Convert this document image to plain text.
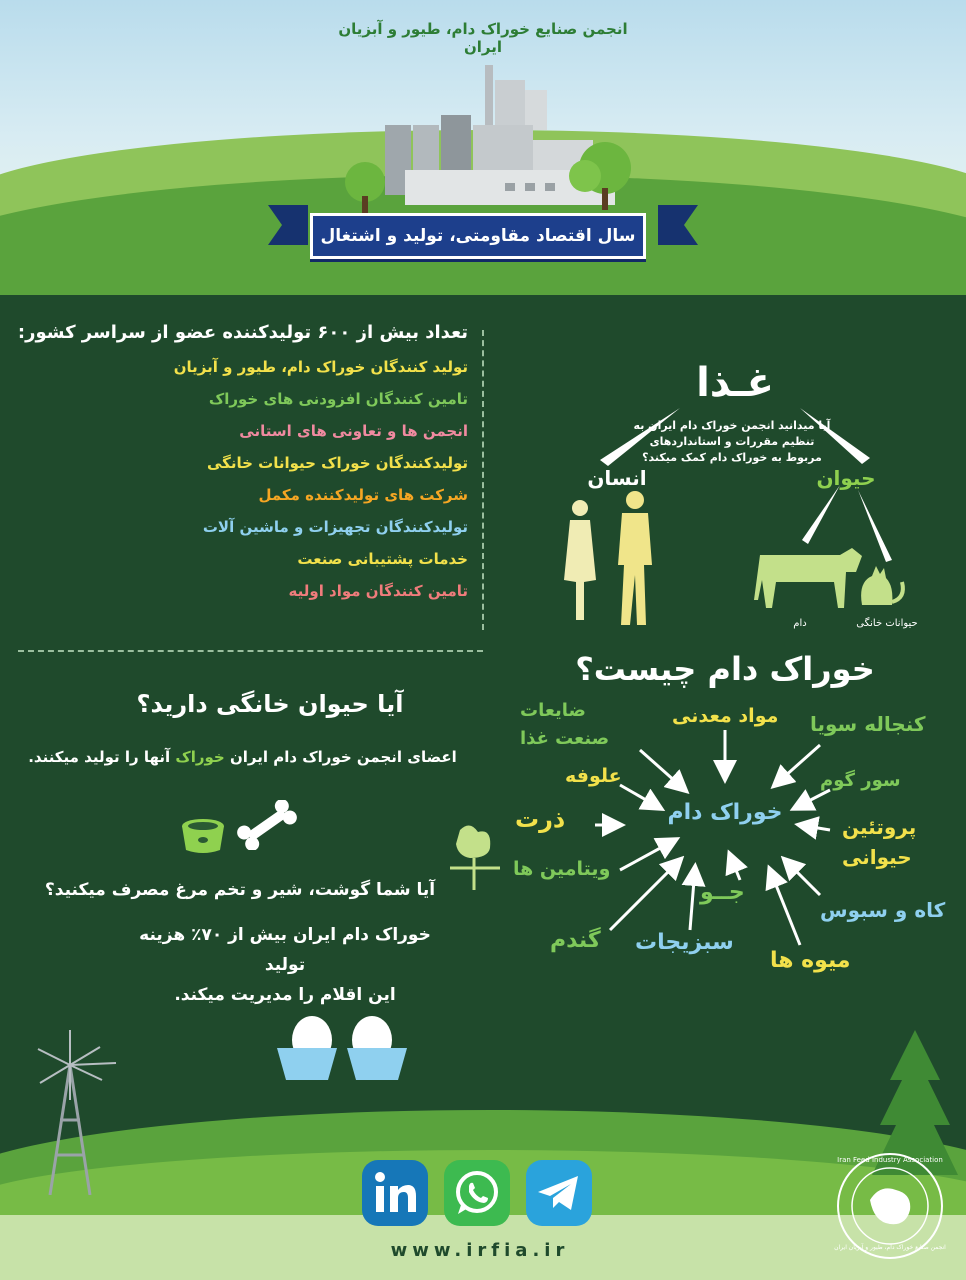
انجمن صنایع خوراک دام، طیور و آبزیان ایران
سال اقتصاد مقاومتی، تولید و اشتغال
تعداد بیش از ۶۰۰ تولیدکننده عضو از سراسر کشور:
تولید کنندگان خوراک دام، طیور و آبزیان
تامین کنندگان افزودنی های خوراک
انجمن ها و تعاونی های استانی
تولیدکنندگان خوراک حیوانات خانگی
شرکت های تولیدکننده مکمل
تولیدکنندگان تجهیزات و ماشین آلات
خدمات پشتیبانی صنعت
تامین کنندگان مواد اولیه
غـذا
آیا میدانید انجمن خوراک دام ایران به تنظیم مقررات و استانداردهای مربوط به خوراک دام کمک میکند؟
انسان	حیوان
دام	حیوانات خانگی
خوراک دام چیست؟
خوراک دام
ضایعات
صنعت غذا
مواد معدنی کنجاله سویا
سور گوم
پروتئین
حیوانی
کاه و سبوس
میوه ها
جــو
سبزیجات
گندم
ویتامین ها
ذرت
علوفه
آیا حیوان خانگی دارید؟
اعضای انجمن خوراک دام ایران خوراک آنها را تولید میکنند.
آیا شما گوشت، شیر و تخم مرغ مصرف میکنید؟
خوراک دام ایران بیش از ۷۰٪ هزینه تولید
این اقلام را مدیریت میکند.
www.irfia.ir
Iran Feed Industry Association
انجمن صنایع خوراک دام، طیور و آبزیان ایران
